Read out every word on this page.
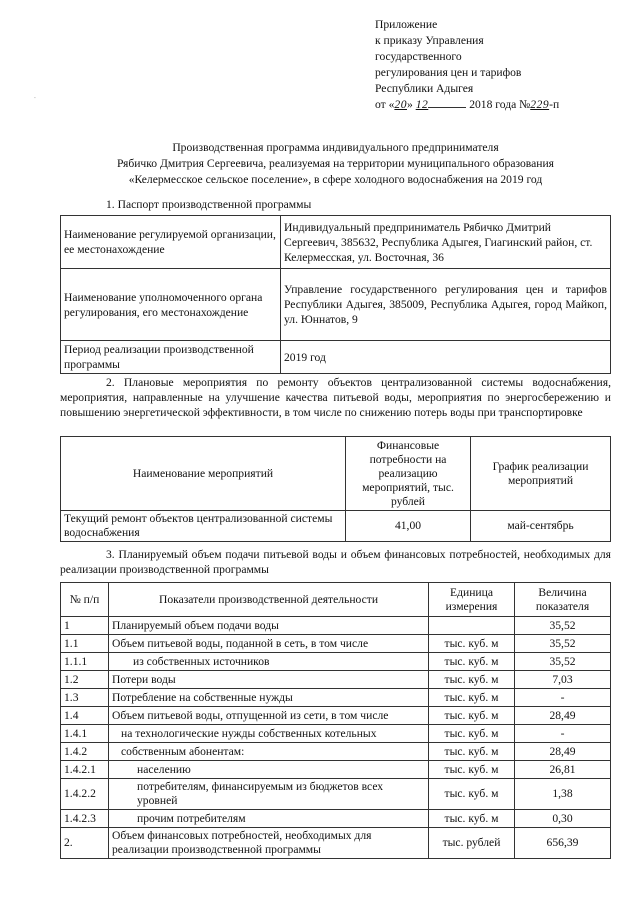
⸳
Приложение
к приказу Управления
государственного
регулирования цен и тарифов
Республики Адыгея
от «20» 12	2018 года №229-п
Производственная программа индивидуального предпринимателя
Рябичко Дмитрия Сергеевича, реализуемая на территории муниципального образования
«Келермесское сельское поселение», в сфере холодного водоснабжения на 2019 год
1. Паспорт производственной программы
Наименование регулируемой организации, ее местонахождение	Индивидуальный предприниматель Рябичко Дмитрий Сергеевич, 385632, Республика Адыгея, Гиагинский район, ст. Келермесская, ул. Восточная, 36
Наименование уполномоченного органа регулирования, его местонахождение	Управление государственного регулирования цен и тарифов Республики Адыгея, 385009, Республика Адыгея, город Майкоп, ул. Юннатов, 9
Период реализации производственной программы	2019 год
2. Плановые мероприятия по ремонту объектов централизованной системы водоснабжения, мероприятия, направленные на улучшение качества питьевой воды, мероприятия по энергосбережению и повышению энергетической эффективности, в том числе по снижению потерь воды при транспортировке
Наименование мероприятий	Финансовые потребности на реализацию мероприятий, тыс. рублей	График реализации мероприятий
Текущий ремонт объектов централизованной системы водоснабжения	41,00	май-сентябрь
3. Планируемый объем подачи питьевой воды и объем финансовых потребностей, необходимых для реализации производственной программы
№ п/п	Показатели производственной деятельности	Единица измерения	Величина показателя
1	Планируемый объем подачи воды		35,52
1.1	Объем питьевой воды, поданной в сеть, в том числе	тыс. куб. м	35,52
1.1.1	из собственных источников	тыс. куб. м	35,52
1.2	Потери воды	тыс. куб. м	7,03
1.3	Потребление на собственные нужды	тыс. куб. м	-
1.4	Объем питьевой воды, отпущенной из сети, в том числе	тыс. куб. м	28,49
1.4.1	на технологические нужды собственных котельных	тыс. куб. м	-
1.4.2	собственным абонентам:	тыс. куб. м	28,49
1.4.2.1	населению	тыс. куб. м	26,81
1.4.2.2	потребителям, финансируемым из бюджетов всех уровней	тыс. куб. м	1,38
1.4.2.3	прочим потребителям	тыс. куб. м	0,30
2.	Объем финансовых потребностей, необходимых для реализации производственной программы	тыс. рублей	656,39
